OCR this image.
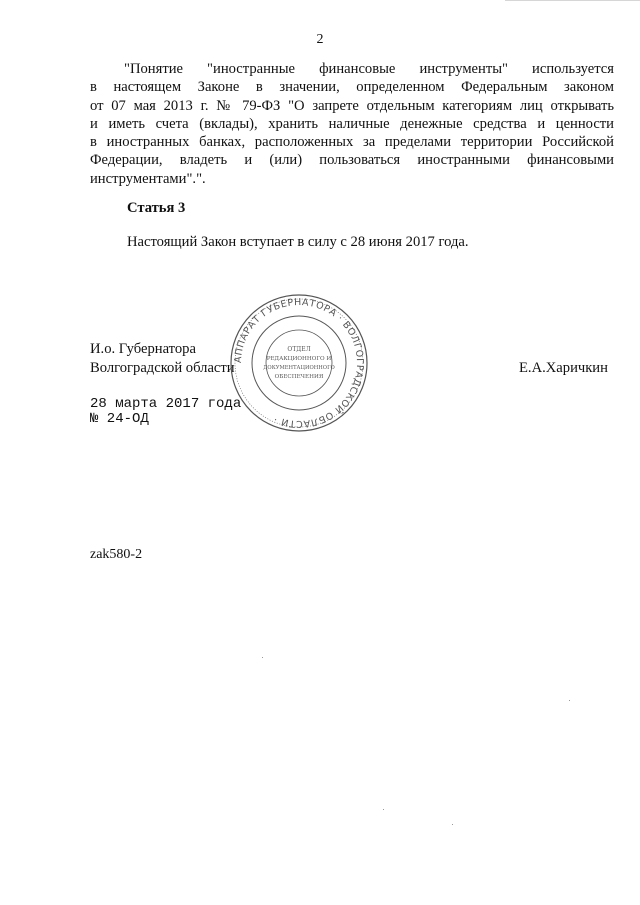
2
"Понятие "иностранные финансовые инструменты" используется
в настоящем Законе в значении, определенном Федеральным законом
от 07 мая 2013 г. № 79-ФЗ "О запрете отдельным категориям лиц открывать
и иметь счета (вклады), хранить наличные денежные средства и ценности
в иностранных банках, расположенных за пределами территории Российской
Федерации, владеть и (или) пользоваться иностранными финансовыми
инструментами".".
Статья 3
Настоящий Закон вступает в силу с 28 июня 2017 года.
И.о. Губернатора
Волгоградской области	Е.А.Харичкин
28 марта 2017 года
№ 24-ОД
zak580-2
АППАРАТ ГУБЕРНАТОРА · ВОЛГОГРАДСКОЙ ОБЛАСТИ ·
ОТДЕЛ
РЕДАКЦИОННОГО И
ДОКУМЕНТАЦИОННОГО
ОБЕСПЕЧЕНИЯ
